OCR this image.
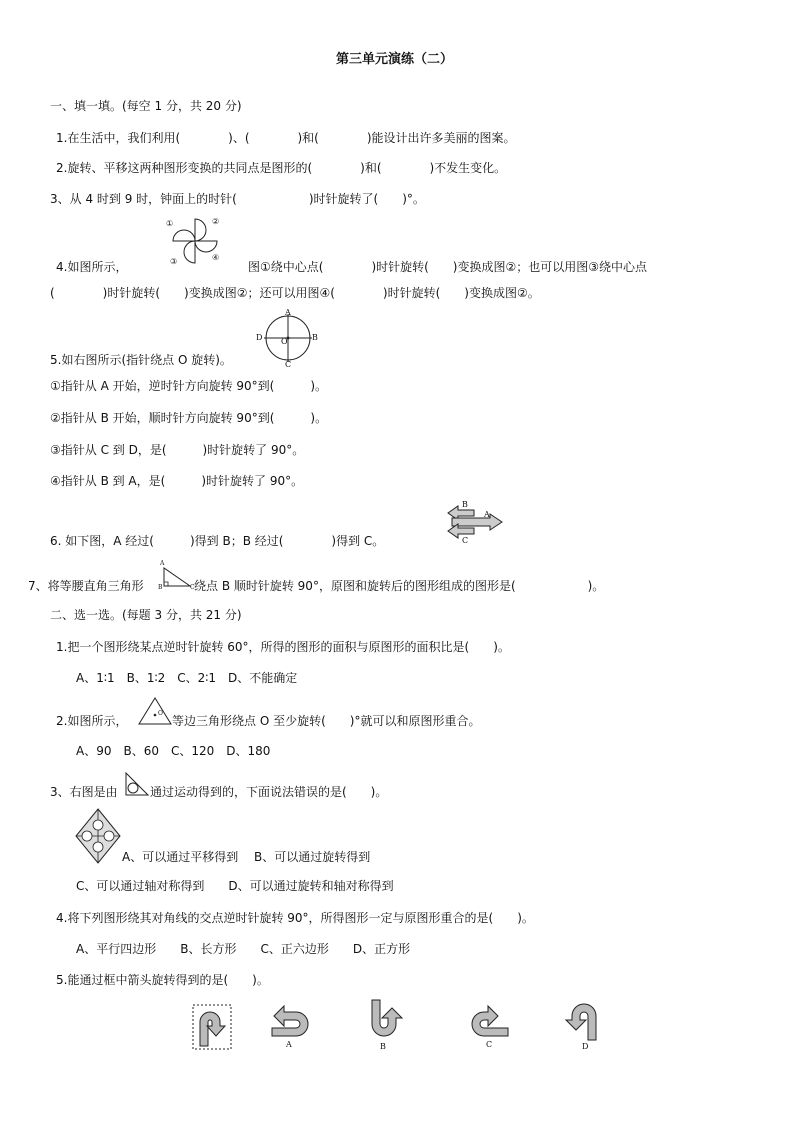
第三单元演练（二）
一、填一填。(每空 1 分，共 20 分)
1.在生活中，我们利用(　　　　)、(　　　　)和(　　　　)能设计出许多美丽的图案。
2.旋转、平移这两种图形变换的共同点是图形的(　　　　)和(　　　　)不发生变化。
3、从 4 时到 9 时，钟面上的时针(　　　　　　)时针旋转了(　　)°。
①	②
③	④
4.如图所示，	图①绕中心点(　　　　)时针旋转(　　)变换成图②；也可以用图③绕中心点
(　　　　)时针旋转(　　)变换成图②；还可以用图④(　　　　)时针旋转(　　)变换成图②。
A
B
C
D O
5.如右图所示(指针绕点 O 旋转)。
①指针从 A 开始，逆时针方向旋转 90°到(　　　)。
②指针从 B 开始，顺时针方向旋转 90°到(　　　)。
③指针从 C 到 D，是(　　　)时针旋转了 90°。
④指针从 B 到 A，是(　　　)时针旋转了 90°。
A
B
C
6. 如下图，A 经过(　　　)得到 B；B 经过(　　　　)得到 C。
7、将等腰直角三角形
A
B	C 绕点 B 顺时针旋转 90°，原图和旋转后的图形组成的图形是(　　　　　　)。
二、选一选。(每题 3 分，共 21 分)
1.把一个图形绕某点逆时针旋转 60°，所得的图形的面积与原图形的面积比是(　　)。
A、1∶1　B、1∶2　C、2∶1　D、不能确定
2.如图所示，
O
等边三角形绕点 O 至少旋转(　　)°就可以和原图形重合。
A、90　B、60　C、120　D、180
3、右图是由	通过运动得到的，下面说法错误的是(　　)。
A、可以通过平移得到　 B、可以通过旋转得到
C、可以通过轴对称得到　　D、可以通过旋转和轴对称得到
4.将下列图形绕其对角线的交点逆时针旋转 90°，所得图形一定与原图形重合的是(　　)。
A、平行四边形　　B、长方形　　C、正六边形　　D、正方形
5.能通过框中箭头旋转得到的是(　　)。
A	B	C	D
